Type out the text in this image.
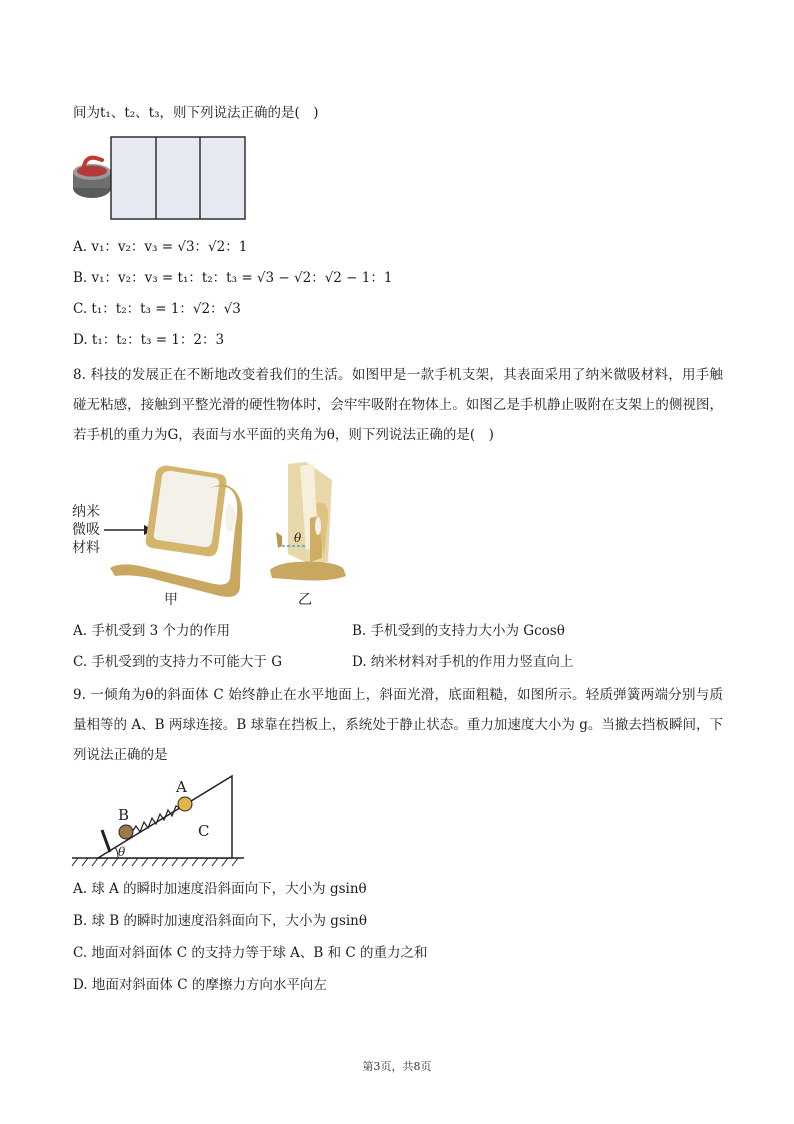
间为t₁、t₂、t₃，则下列说法正确的是(　)
A. v₁：v₂：v₃ = √3：√2：1
B. v₁：v₂：v₃ = t₁：t₂：t₃ = √3 − √2：√2 − 1：1
C. t₁：t₂：t₃ = 1：√2：√3
D. t₁：t₂：t₃ = 1：2：3
8. 科技的发展正在不断地改变着我们的生活。如图甲是一款手机支架，其表面采用了纳米微吸材料，用手触碰无粘感，接触到平整光滑的硬性物体时，会牢牢吸附在物体上。如图乙是手机静止吸附在支架上的侧视图，若手机的重力为G，表面与水平面的夹角为θ，则下列说法正确的是(　)
纳米
微吸
材料
甲
θ
乙
A. 手机受到 3 个力的作用	B. 手机受到的支持力大小为 Gcosθ
C. 手机受到的支持力不可能大于 G	D. 纳米材料对手机的作用力竖直向上
9. 一倾角为θ的斜面体 C 始终静止在水平地面上，斜面光滑，底面粗糙，如图所示。轻质弹簧两端分别与质量相等的 A、B 两球连接。B 球靠在挡板上，系统处于静止状态。重力加速度大小为 g。当撤去挡板瞬间，下列说法正确的是
θ
B
A
C
A. 球 A 的瞬时加速度沿斜面向下，大小为 gsinθ
B. 球 B 的瞬时加速度沿斜面向下，大小为 gsinθ
C. 地面对斜面体 C 的支持力等于球 A、B 和 C 的重力之和
D. 地面对斜面体 C 的摩擦力方向水平向左
第3页，共8页
